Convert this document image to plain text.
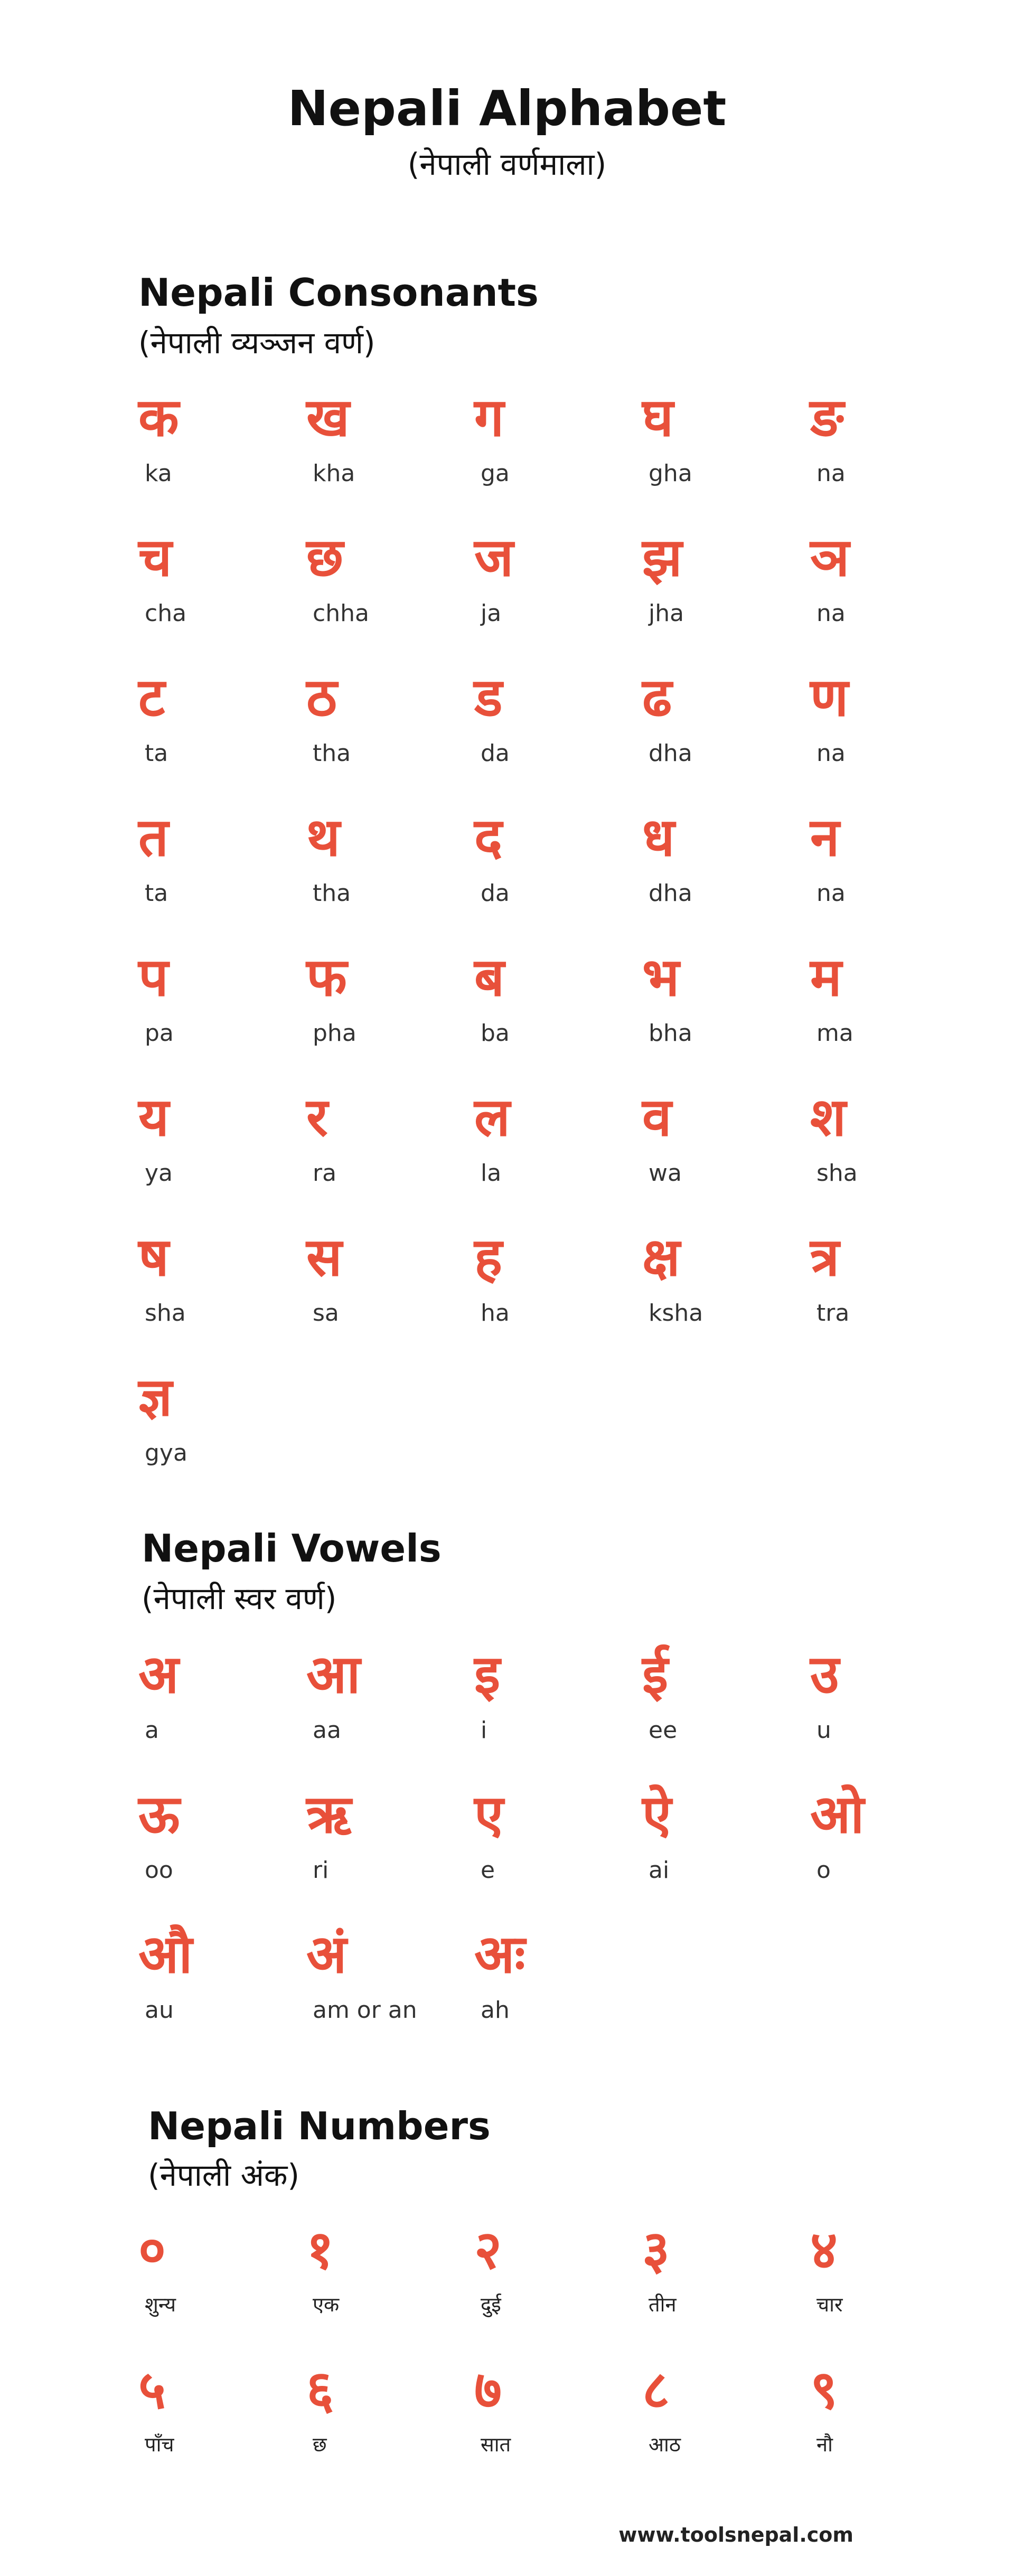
Nepali Alphabet
(नेपाली वर्णमाला)
Nepali Consonants
(नेपाली व्यञ्जन वर्ण)
Nepali Vowels
(नेपाली स्वर वर्ण)
Nepali Numbers
(नेपाली अंक)
क
ka
ख
kha
ग
ga
घ
gha
ङ
na
च
cha
छ
chha
ज
ja
झ
jha
ञ
na
ट
ta
ठ
tha
ड
da
ढ
dha
ण
na
त
ta
थ
tha
द
da
ध
dha
न
na
प
pa
फ
pha
ब
ba
भ
bha
म
ma
य
ya
र
ra
ल
la
व
wa
श
sha
ष
sha
स
sa
ह
ha
क्ष
ksha
त्र
tra
ज्ञ
gya
अ
a
आ
aa
इ
i
ई
ee
उ
u
ऊ
oo
ऋ
ri
ए
e
ऐ
ai
ओ
o
औ
au
अं
am or an
अः
ah
०
शुन्य
१
एक
२
दुई
३
तीन
४
चार
५
पाँच
६
छ
७
सात
८
आठ
९
नौ
www.toolsnepal.com
